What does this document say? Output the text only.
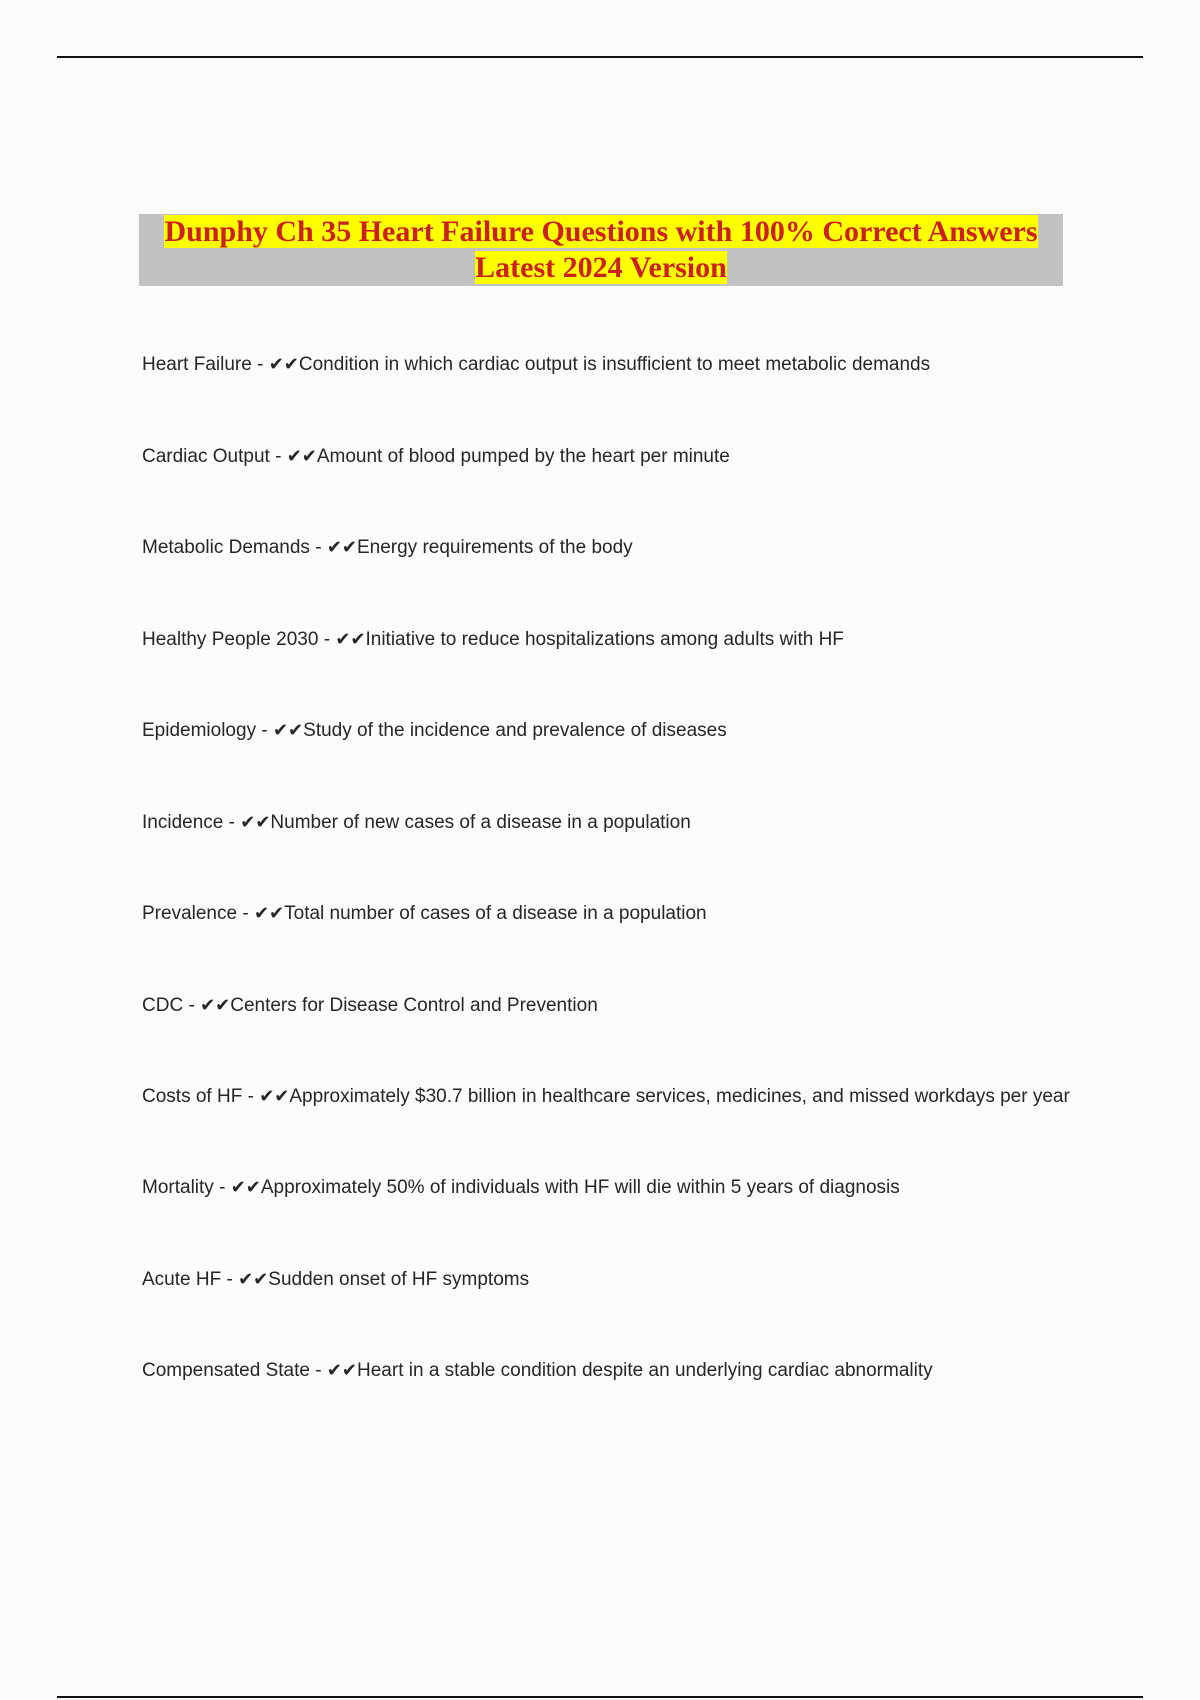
Dunphy Ch 35 Heart Failure Questions with 100% Correct Answers
Latest 2024 Version
Heart Failure - ✔✔Condition in which cardiac output is insufficient to meet metabolic demands
Cardiac Output - ✔✔Amount of blood pumped by the heart per minute
Metabolic Demands - ✔✔Energy requirements of the body
Healthy People 2030 - ✔✔Initiative to reduce hospitalizations among adults with HF
Epidemiology - ✔✔Study of the incidence and prevalence of diseases
Incidence - ✔✔Number of new cases of a disease in a population
Prevalence - ✔✔Total number of cases of a disease in a population
CDC - ✔✔Centers for Disease Control and Prevention
Costs of HF - ✔✔Approximately $30.7 billion in healthcare services, medicines, and missed workdays per year
Mortality - ✔✔Approximately 50% of individuals with HF will die within 5 years of diagnosis
Acute HF - ✔✔Sudden onset of HF symptoms
Compensated State - ✔✔Heart in a stable condition despite an underlying cardiac abnormality
